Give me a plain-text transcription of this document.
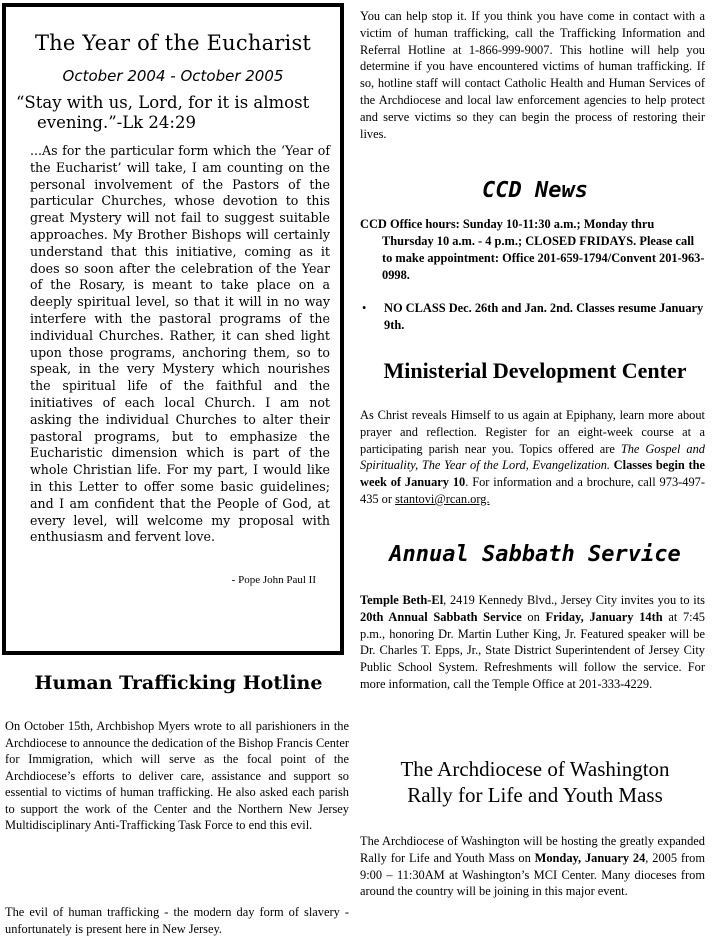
The Year of the Eucharist
October 2004 - October 2005
“Stay with us, Lord, for it is almost evening.”-Lk 24:29
...As for the particular form which the ‘Year of the Eucharist’ will take, I am counting on the personal involvement of the Pastors of the particular Churches, whose devotion to this great Mystery will not fail to suggest suitable approaches. My Brother Bishops will certainly understand that this initiative, coming as it does so soon after the celebration of the Year of the Rosary, is meant to take place on a deeply spiritual level, so that it will in no way interfere with the pastoral programs of the individual Churches. Rather, it can shed light upon those programs, anchoring them, so to speak, in the very Mystery which nourishes the spiritual life of the faithful and the initiatives of each local Church. I am not asking the individual Churches to alter their pastoral programs, but to emphasize the Eucharistic dimension which is part of the whole Christian life. For my part, I would like in this Letter to offer some basic guidelines; and I am confident that the People of God, at every level, will welcome my proposal with enthusiasm and fervent love.
- Pope John Paul II
Human Trafficking Hotline

On October 15th, Archbishop Myers wrote to all parishioners in the Archdiocese to announce the dedication of the Bishop Francis Center for Immigration, which will serve as the focal point of the Archdiocese’s efforts to deliver care, assistance and support so essential to victims of human trafficking. He also asked each parish to support the work of the Center and the Northern New Jersey Multidisciplinary Anti-Trafficking Task Force to end this evil.

The evil of human trafficking - the modern day form of slavery - unfortunately is present here in New Jersey.

You can help stop it. If you think you have come in contact with a victim of human trafficking, call the Trafficking Information and Referral Hotline at 1-866-999-9007. This hotline will help you determine if you have encountered victims of human trafficking. If so, hotline staff will contact Catholic Health and Human Services of the Archdiocese and local law enforcement agencies to help protect and serve victims so they can begin the process of restoring their lives.

CCD News

CCD Office hours: Sunday 10-11:30 a.m.; Monday thru Thursday 10 a.m. - 4 p.m.; CLOSED FRIDAYS. Please call to make appointment: Office 201-659-1794/Convent 201-963-0998.

• NO CLASS Dec. 26th and Jan. 2nd. Classes resume January 9th.

Ministerial Development Center

As Christ reveals Himself to us again at Epiphany, learn more about prayer and reflection. Register for an eight-week course at a participating parish near you. Topics offered are The Gospel and Spirituality, The Year of the Lord, Evangelization. Classes begin the week of January 10. For information and a brochure, call 973-497-435 or stantovi@rcan.org.

Annual Sabbath Service

Temple Beth-El, 2419 Kennedy Blvd., Jersey City invites you to its 20th Annual Sabbath Service on Friday, January 14th at 7:45 p.m., honoring Dr. Martin Luther King, Jr. Featured speaker will be Dr. Charles T. Epps, Jr., State District Superintendent of Jersey City Public School System. Refreshments will follow the service. For more information, call the Temple Office at 201-333-4229.

The Archdiocese of Washington
Rally for Life and Youth Mass

The Archdiocese of Washington will be hosting the greatly expanded Rally for Life and Youth Mass on Monday, January 24, 2005 from 9:00 – 11:30AM at Washington’s MCI Center. Many dioceses from around the country will be joining in this major event.
